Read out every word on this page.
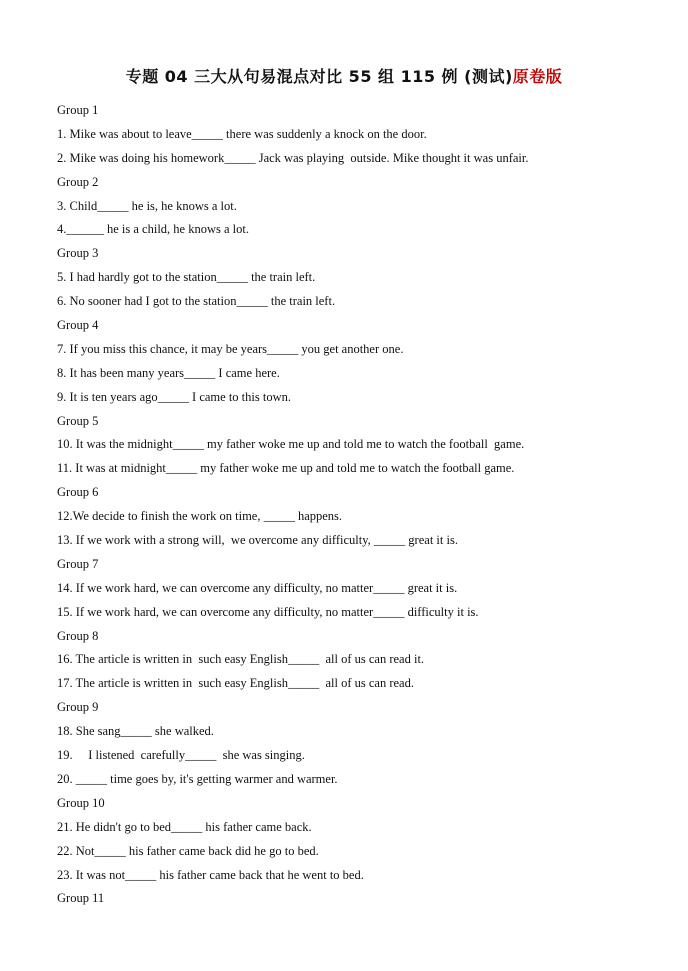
专题 04 三大从句易混点对比 55 组 115 例 (测试)原卷版
Group 1
1. Mike was about to leave_____ there was suddenly a knock on the door.
2. Mike was doing his homework_____ Jack was playing  outside. Mike thought it was unfair.
Group 2
3. Child_____ he is, he knows a lot.
4.______ he is a child, he knows a lot.
Group 3
5. I had hardly got to the station_____ the train left.
6. No sooner had I got to the station_____ the train left.
Group 4
7. If you miss this chance, it may be years_____ you get another one.
8. It has been many years_____ I came here.
9. It is ten years ago_____ I came to this town.
Group 5
10. It was the midnight_____ my father woke me up and told me to watch the football  game.
11. It was at midnight_____ my father woke me up and told me to watch the football game.
Group 6
12.We decide to finish the work on time, _____ happens.
13. If we work with a strong will,  we overcome any difficulty, _____ great it is.
Group 7
14. If we work hard, we can overcome any difficulty, no matter_____ great it is.
15. If we work hard, we can overcome any difficulty, no matter_____ difficulty it is.
Group 8
16. The article is written in  such easy English_____  all of us can read it.
17. The article is written in  such easy English_____  all of us can read.
Group 9
18. She sang_____ she walked.
19.     I listened  carefully_____  she was singing.
20. _____ time goes by, it's getting warmer and warmer.
Group 10
21. He didn't go to bed_____ his father came back.
22. Not_____ his father came back did he go to bed.
23. It was not_____ his father came back that he went to bed.
Group 11
